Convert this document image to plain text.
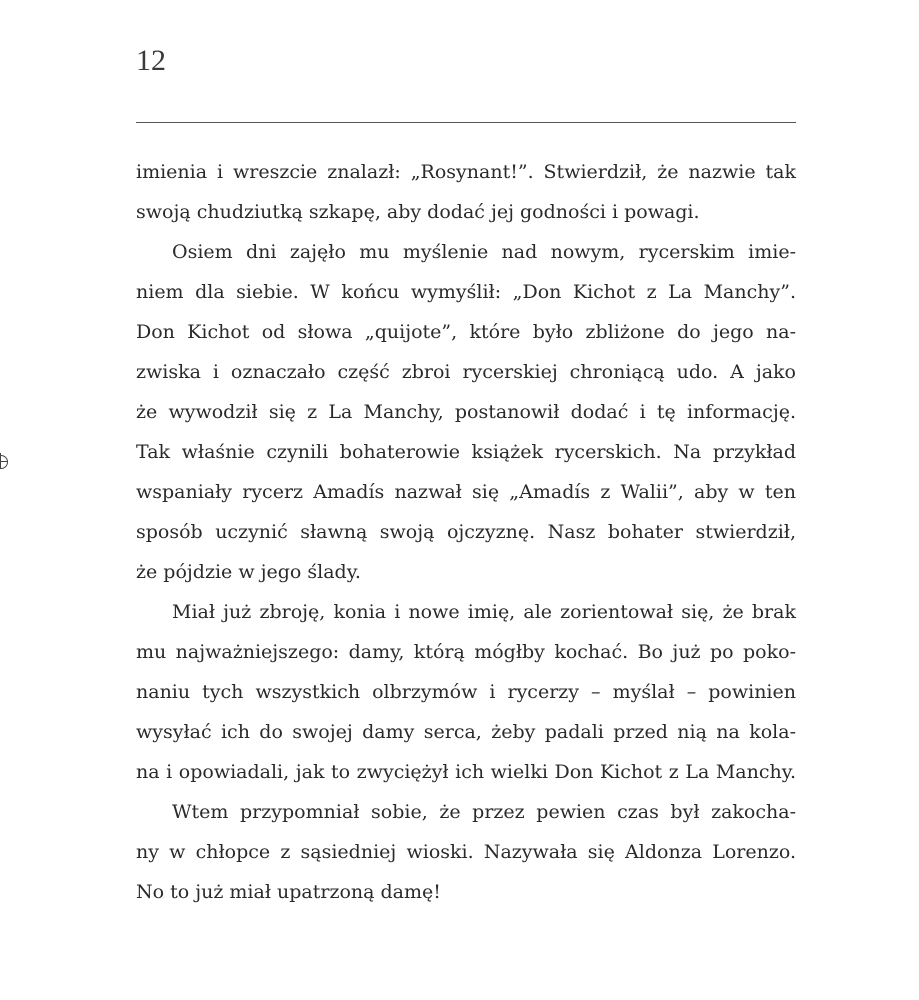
12
imienia i wreszcie znalazł: „Rosynant!”. Stwierdził, że nazwie tak
swoją chudziutką szkapę, aby dodać jej godności i powagi.
Osiem dni zajęło mu myślenie nad nowym, rycerskim imie-
niem dla siebie. W końcu wymyślił: „Don Kichot z La Manchy”.
Don Kichot od słowa „quijote”, które było zbliżone do jego na-
zwiska i oznaczało część zbroi rycerskiej chroniącą udo. A jako
że wywodził się z La Manchy, postanowił dodać i tę informację.
Tak właśnie czynili bohaterowie książek rycerskich. Na przykład
wspaniały rycerz Amadís nazwał się „Amadís z Walii”, aby w ten
sposób uczynić sławną swoją ojczyznę. Nasz bohater stwierdził,
że pójdzie w jego ślady.
Miał już zbroję, konia i nowe imię, ale zorientował się, że brak
mu najważniejszego: damy, którą mógłby kochać. Bo już po poko-
naniu tych wszystkich olbrzymów i rycerzy – myślał – powinien
wysyłać ich do swojej damy serca, żeby padali przed nią na kola-
na i opowiadali, jak to zwyciężył ich wielki Don Kichot z La Manchy.
Wtem przypomniał sobie, że przez pewien czas był zakocha-
ny w chłopce z sąsiedniej wioski. Nazywała się Aldonza Lorenzo.
No to już miał upatrzoną damę!
